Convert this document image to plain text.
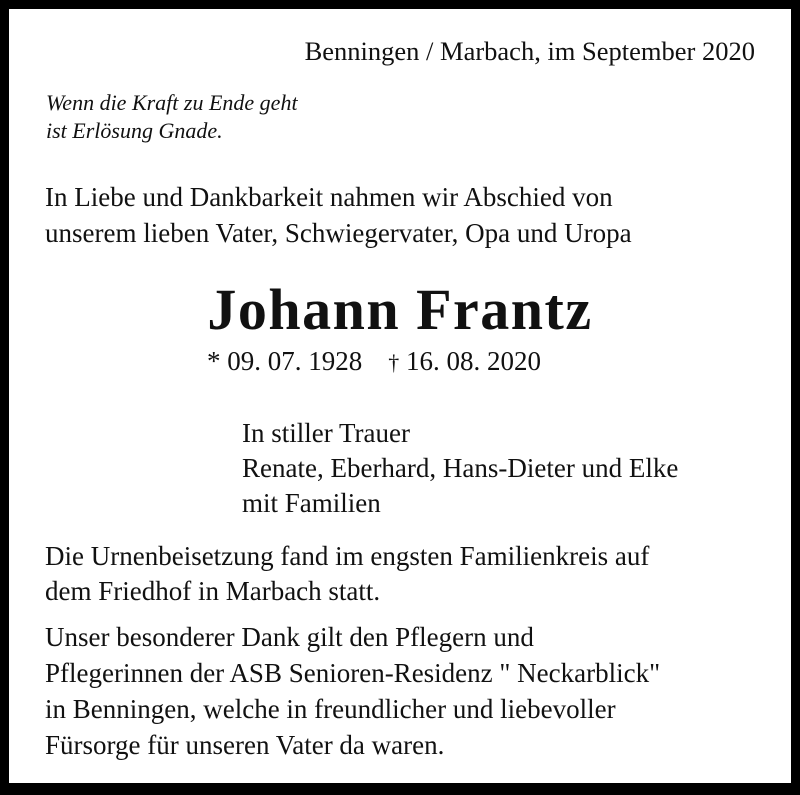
Benningen / Marbach, im September 2020
Wenn die Kraft zu Ende geht
ist Erlösung Gnade.
In Liebe und Dankbarkeit nahmen wir Abschied von
unserem lieben Vater, Schwiegervater, Opa und Uropa
Johann Frantz
* 09. 07. 1928 † 16. 08. 2020
In stiller Trauer
Renate, Eberhard, Hans-Dieter und Elke
mit Familien
Die Urnenbeisetzung fand im engsten Familienkreis auf
dem Friedhof in Marbach statt.
Unser besonderer Dank gilt den Pflegern und
Pflegerinnen der ASB Senioren-Residenz " Neckarblick"
in Benningen, welche in freundlicher und liebevoller
Fürsorge für unseren Vater da waren.
